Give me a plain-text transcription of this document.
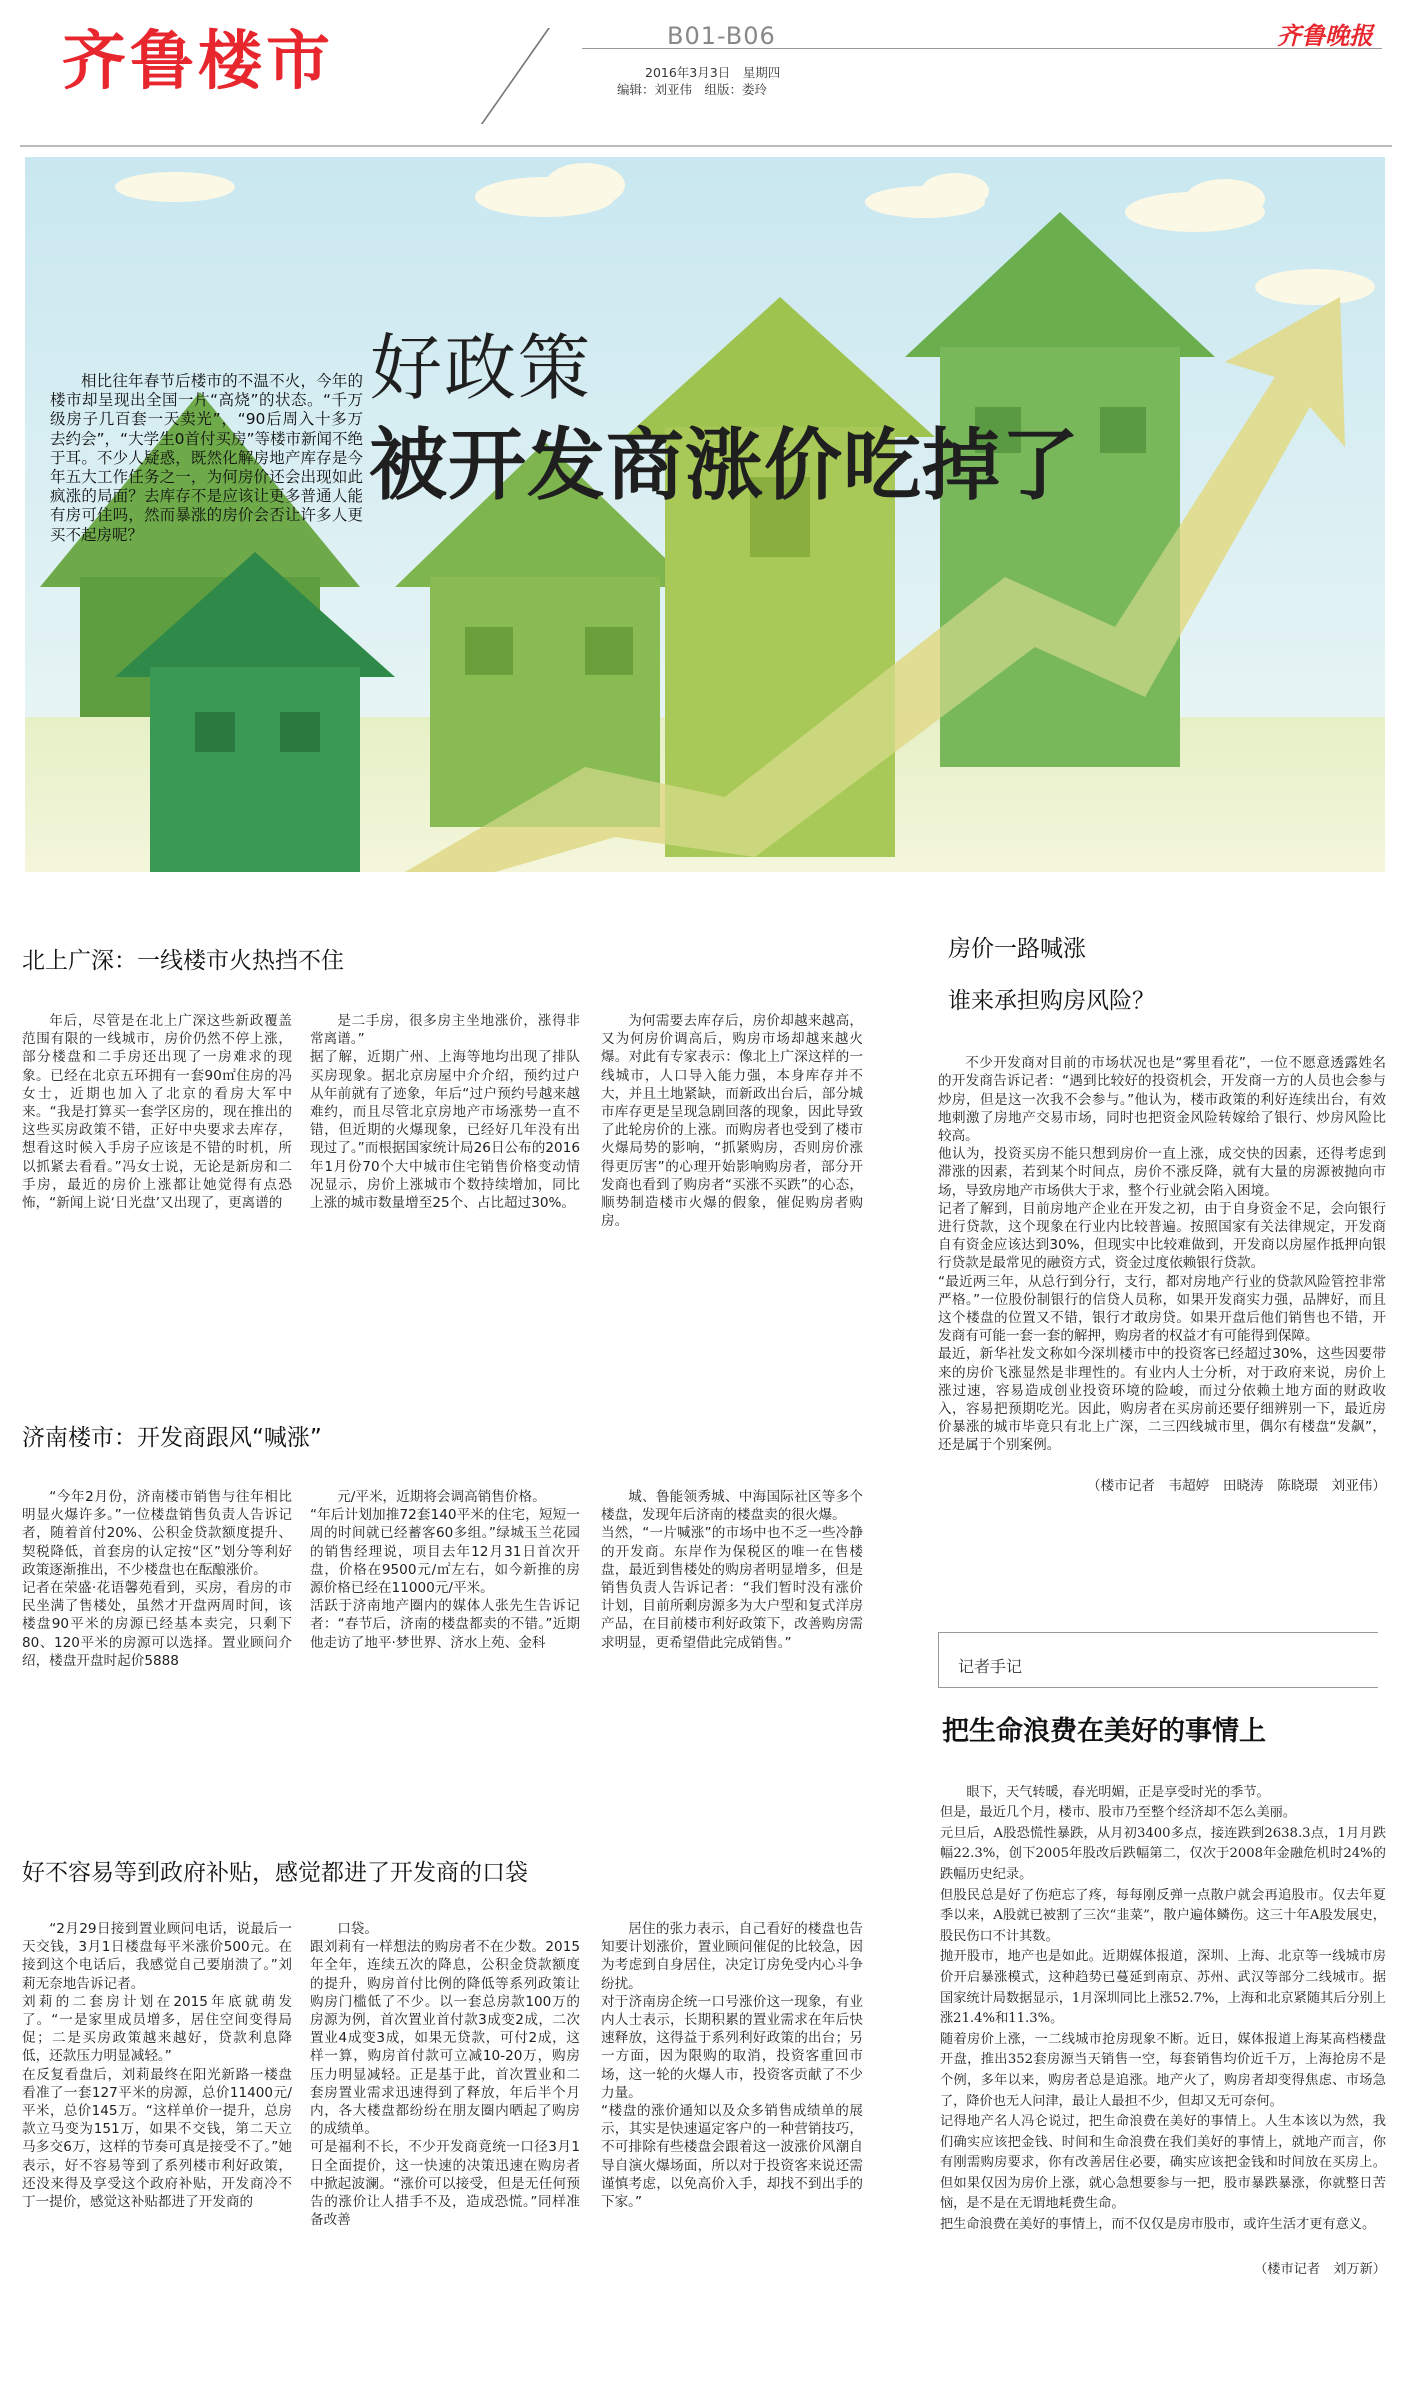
齐鲁楼市	B01-B06	齐鲁晚报
2016年3月3日　星期四
编辑：刘亚伟　组版：娄玲
相比往年春节后楼市的不温不火，今年的楼市却呈现出全国一片“高烧”的状态。“千万级房子几百套一天卖光”，“90后周入十多万去约会”，“大学生0首付买房”等楼市新闻不绝于耳。不少人疑惑，既然化解房地产库存是今年五大工作任务之一，为何房价还会出现如此疯涨的局面？去库存不是应该让更多普通人能有房可住吗，然而暴涨的房价会否让许多人更买不起房呢？
好政策
被开发商涨价吃掉了
北上广深：一线楼市火热挡不住

年后，尽管是在北上广深这些新政覆盖范围有限的一线城市，房价仍然不停上涨，部分楼盘和二手房还出现了一房难求的现象。已经在北京五环拥有一套90㎡住房的冯女士，近期也加入了北京的看房大军中来。“我是打算买一套学区房的，现在推出的这些买房政策不错，正好中央要求去库存，想看这时候入手房子应该是不错的时机，所以抓紧去看看。”冯女士说，无论是新房和二手房，最近的房价上涨都让她觉得有点恐怖，“新闻上说‘日光盘’又出现了，更离谱的

是二手房，很多房主坐地涨价，涨得非常离谱。”
据了解，近期广州、上海等地均出现了排队买房现象。据北京房屋中介介绍，预约过户从年前就有了迹象，年后“过户预约号越来越难约，而且尽管北京房地产市场涨势一直不错，但近期的火爆现象，已经好几年没有出现过了。”而根据国家统计局26日公布的2016年1月份70个大中城市住宅销售价格变动情况显示，房价上涨城市个数持续增加，同比上涨的城市数量增至25个、占比超过30%。

为何需要去库存后，房价却越来越高，又为何房价调高后，购房市场却越来越火爆。对此有专家表示：像北上广深这样的一线城市，人口导入能力强，本身库存并不大，并且土地紧缺，而新政出台后，部分城市库存更是呈现急剧回落的现象，因此导致了此轮房价的上涨。而购房者也受到了楼市火爆局势的影响，“抓紧购房，否则房价涨得更厉害”的心理开始影响购房者，部分开发商也看到了购房者“买涨不买跌”的心态，顺势制造楼市火爆的假象，催促购房者购房。

济南楼市：开发商跟风“喊涨”

“今年2月份，济南楼市销售与往年相比明显火爆许多。”一位楼盘销售负责人告诉记者，随着首付20%、公积金贷款额度提升、契税降低，首套房的认定按“区”划分等利好政策逐渐推出，不少楼盘也在酝酿涨价。
记者在荣盛·花语馨苑看到，买房，看房的市民坐满了售楼处，虽然才开盘两周时间，该楼盘90平米的房源已经基本卖完，只剩下80、120平米的房源可以选择。置业顾问介绍，楼盘开盘时起价5888

元/平米，近期将会调高销售价格。
“年后计划加推72套140平米的住宅，短短一周的时间就已经蓄客60多组。”绿城玉兰花园的销售经理说，项目去年12月31日首次开盘，价格在9500元/㎡左右，如今新推的房源价格已经在11000元/平米。
活跃于济南地产圈内的媒体人张先生告诉记者：“春节后，济南的楼盘都卖的不错。”近期他走访了地平·梦世界、济水上苑、金科

城、鲁能领秀城、中海国际社区等多个楼盘，发现年后济南的楼盘卖的很火爆。
当然，“一片喊涨”的市场中也不乏一些冷静的开发商。东岸作为保税区的唯一在售楼盘，最近到售楼处的购房者明显增多，但是销售负责人告诉记者：“我们暂时没有涨价计划，目前所剩房源多为大户型和复式洋房产品，在目前楼市利好政策下，改善购房需求明显，更希望借此完成销售。”

好不容易等到政府补贴，感觉都进了开发商的口袋

“2月29日接到置业顾问电话，说最后一天交钱，3月1日楼盘每平米涨价500元。在接到这个电话后，我感觉自己要崩溃了。”刘莉无奈地告诉记者。
刘莉的二套房计划在2015年底就萌发了。“一是家里成员增多，居住空间变得局促；二是买房政策越来越好，贷款利息降低，还款压力明显减轻。”
在反复看盘后，刘莉最终在阳光新路一楼盘看准了一套127平米的房源，总价11400元/平米，总价145万。“这样单价一提升，总房款立马变为151万，如果不交钱，第二天立马多交6万，这样的节奏可真是接受不了。”她表示，好不容易等到了系列楼市利好政策，还没来得及享受这个政府补贴，开发商冷不丁一提价，感觉这补贴都进了开发商的

口袋。
跟刘莉有一样想法的购房者不在少数。2015年全年，连续五次的降息，公积金贷款额度的提升，购房首付比例的降低等系列政策让购房门槛低了不少。以一套总房款100万的房源为例，首次置业首付款3成变2成，二次置业4成变3成，如果无贷款，可付2成，这样一算，购房首付款可立减10-20万，购房压力明显减轻。正是基于此，首次置业和二套房置业需求迅速得到了释放，年后半个月内，各大楼盘都纷纷在朋友圈内晒起了购房的成绩单。
可是福利不长，不少开发商竟统一口径3月1日全面提价，这一快速的决策迅速在购房者中掀起波澜。“涨价可以接受，但是无任何预告的涨价让人措手不及，造成恐慌。”同样准备改善

居住的张力表示，自己看好的楼盘也告知要计划涨价，置业顾问催促的比较急，因为考虑到自身居住，决定订房免受内心斗争纷扰。
对于济南房企统一口号涨价这一现象，有业内人士表示，长期积累的置业需求在年后快速释放，这得益于系列利好政策的出台；另一方面，因为限购的取消，投资客重回市场，这一轮的火爆人市，投资客贡献了不少力量。
“楼盘的涨价通知以及众多销售成绩单的展示，其实是快速逼定客户的一种营销技巧，不可排除有些楼盘会跟着这一波涨价风潮自导自演火爆场面，所以对于投资客来说还需谨慎考虑，以免高价入手，却找不到出手的下家。”

房价一路喊涨
谁来承担购房风险？

不少开发商对目前的市场状况也是“雾里看花”，一位不愿意透露姓名的开发商告诉记者：“遇到比较好的投资机会，开发商一方的人员也会参与炒房，但是这一次我不会参与。”他认为，楼市政策的利好连续出台，有效地刺激了房地产交易市场，同时也把资金风险转嫁给了银行、炒房风险比较高。
他认为，投资买房不能只想到房价一直上涨，成交快的因素，还得考虑到滞涨的因素，若到某个时间点，房价不涨反降，就有大量的房源被抛向市场，导致房地产市场供大于求，整个行业就会陷入困境。
记者了解到，目前房地产企业在开发之初，由于自身资金不足，会向银行进行贷款，这个现象在行业内比较普遍。按照国家有关法律规定，开发商自有资金应该达到30%，但现实中比较难做到，开发商以房屋作抵押向银行贷款是最常见的融资方式，资金过度依赖银行贷款。
“最近两三年，从总行到分行，支行，都对房地产行业的贷款风险管控非常严格。”一位股份制银行的信贷人员称，如果开发商实力强，品牌好，而且这个楼盘的位置又不错，银行才敢房贷。如果开盘后他们销售也不错，开发商有可能一套一套的解押，购房者的权益才有可能得到保障。
最近，新华社发文称如今深圳楼市中的投资客已经超过30%，这些因要带来的房价飞涨显然是非理性的。有业内人士分析，对于政府来说，房价上涨过速，容易造成创业投资环境的险峻，而过分依赖土地方面的财政收入，容易把预期吃光。因此，购房者在买房前还要仔细辨别一下，最近房价暴涨的城市毕竟只有北上广深，二三四线城市里，偶尔有楼盘“发飙”，还是属于个别案例。

（楼市记者　韦超婷　田晓涛　陈晓璟　刘亚伟）

记者手记
把生命浪费在美好的事情上

眼下，天气转暖，春光明媚，正是享受时光的季节。
但是，最近几个月，楼市、股市乃至整个经济却不怎么美丽。
元旦后，A股恐慌性暴跌，从月初3400多点，接连跌到2638.3点，1月月跌幅22.3%，创下2005年股改后跌幅第二，仅次于2008年金融危机时24%的跌幅历史纪录。
但股民总是好了伤疤忘了疼，每每刚反弹一点散户就会再追股市。仅去年夏季以来，A股就已被割了三次“韭菜”，散户遍体鳞伤。这三十年A股发展史，股民伤口不计其数。
抛开股市，地产也是如此。近期媒体报道，深圳、上海、北京等一线城市房价开启暴涨模式，这种趋势已蔓延到南京、苏州、武汉等部分二线城市。据国家统计局数据显示，1月深圳同比上涨52.7%，上海和北京紧随其后分别上涨21.4%和11.3%。
随着房价上涨，一二线城市抢房现象不断。近日，媒体报道上海某高档楼盘开盘，推出352套房源当天销售一空，每套销售均价近千万，上海抢房不是个例，多年以来，购房者总是追涨。地产火了，购房者却变得焦虑、市场急了，降价也无人问津，最让人最担不少，但却又无可奈何。
记得地产名人冯仑说过，把生命浪费在美好的事情上。人生本该以为然，我们确实应该把金钱、时间和生命浪费在我们美好的事情上，就地产而言，你有刚需购房要求，你有改善居住必要，确实应该把金钱和时间放在买房上。但如果仅因为房价上涨，就心急想要参与一把，股市暴跌暴涨，你就整日苦恼，是不是在无谓地耗费生命。
把生命浪费在美好的事情上，而不仅仅是房市股市，或许生活才更有意义。

（楼市记者　刘万新）
